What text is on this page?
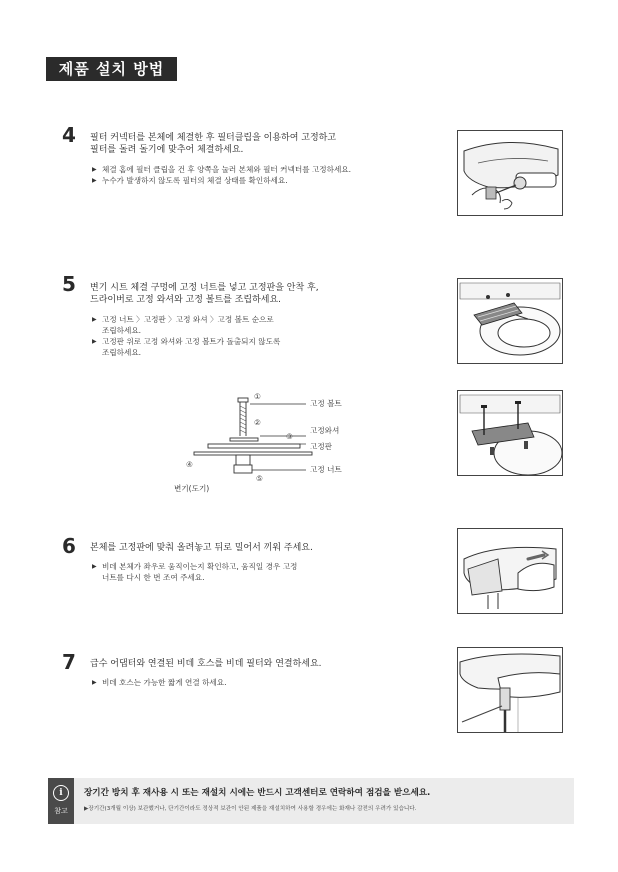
제품 설치 방법
4 필터 커넥터를 본체에 체결한 후 필터클립을 이용하여 고정하고
필터를 돌려 돌기에 맞추어 체결하세요.
▶ 체결 홈에 필터 클립을 건 후 양쪽을 눌러 본체와 필터 커넥터를 고정하세요.
▶ 누수가 발생하지 않도록 필터의 체결 상태를 확인하세요.
5 변기 시트 체결 구멍에 고정 너트를 넣고 고정판을 안착 후,
드라이버로 고정 와셔와 고정 볼트를 조립하세요.
▶ 고정 너트 〉고정판 〉고정 와셔 〉고정 볼트 순으로
조립하세요.
▶ 고정판 위로 고정 와셔와 고정 볼트가 돌출되지 않도록
조립하세요.
①
②
③
④
⑤
고정 볼트
고정와셔
고정판
고정 너트
변기(도기)
6 본체를 고정판에 맞춰 올려놓고 뒤로 밀어서 끼워 주세요.
▶ 비데 본체가 좌우로 움직이는지 확인하고, 움직일 경우 고정
너트를 다시 한 번 조여 주세요.
7 급수 어댑터와 연결된 비데 호스를 비데 필터와 연결하세요.
▶ 비데 호스는 가능한 짧게 연결 하세요.
i
참고
장기간 방치 후 재사용 시 또는 재설치 시에는 반드시 고객센터로 연락하여 점검을 받으세요.
▶장기간(3개월 이상) 보관했거나, 단기간이라도 정상적 보관이 안된 제품을 재설치하여 사용할 경우에는 화재나 감전의 우려가 있습니다.
